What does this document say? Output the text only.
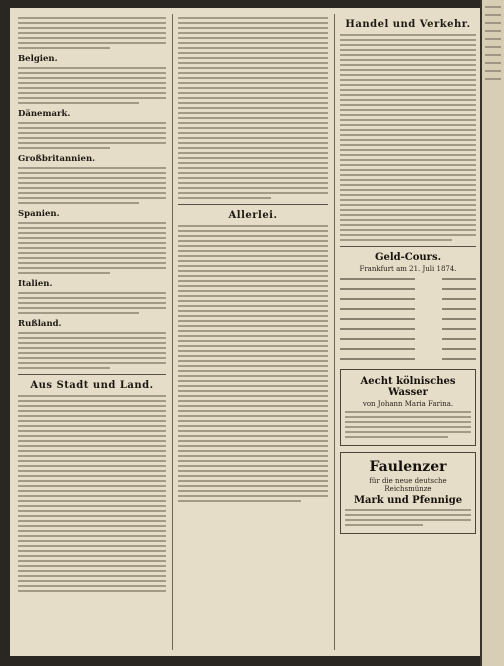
Belgien.
Dänemark.
Großbritannien.
Spanien.
Italien.
Rußland.
Aus Stadt und Land.
Allerlei.
Handel und Verkehr.
Geld-Cours.
Frankfurt am 21. Juli 1874.
Aecht kölnisches Wasser
von Johann Maria Farina.
Faulenzer
für die neue deutsche Reichsmünze
Mark und Pfennige
